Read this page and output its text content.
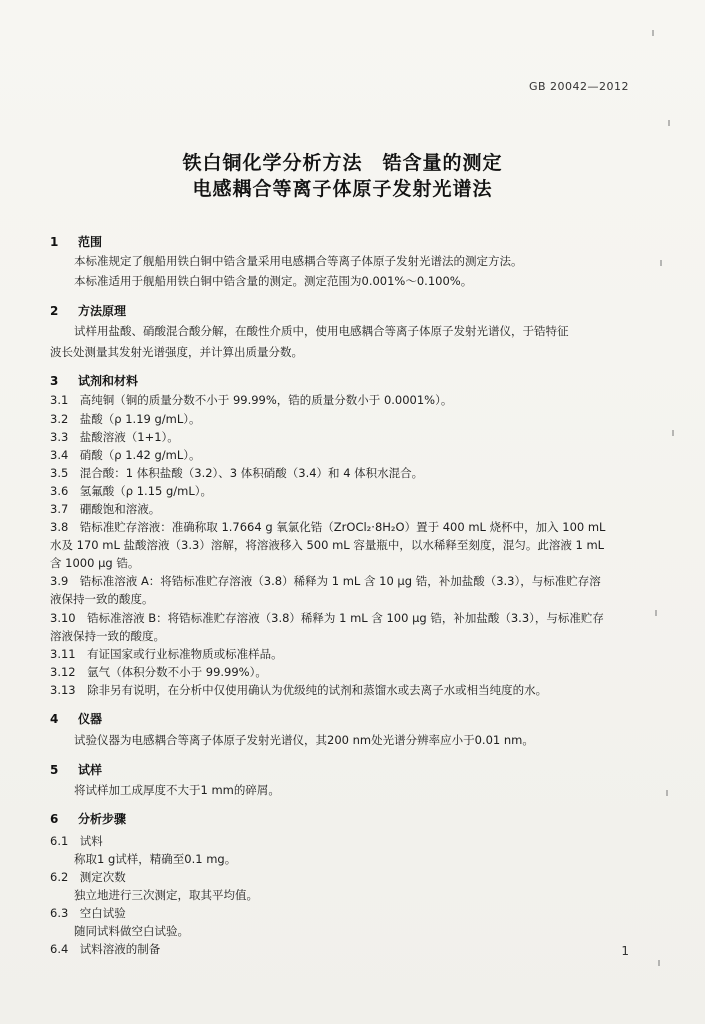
GB 20042—2012
铁白铜化学分析方法　锆含量的测定
电感耦合等离子体原子发射光谱法
1 范围
本标准规定了舰船用铁白铜中锆含量采用电感耦合等离子体原子发射光谱法的测定方法。
本标准适用于舰船用铁白铜中锆含量的测定。测定范围为0.001%～0.100%。
2 方法原理
试样用盐酸、硝酸混合酸分解，在酸性介质中，使用电感耦合等离子体原子发射光谱仪，于锆特征
波长处测量其发射光谱强度，并计算出质量分数。
3 试剂和材料
3.1　高纯铜（铜的质量分数不小于 99.99%，锆的质量分数小于 0.0001%）。
3.2　盐酸（ρ 1.19 g/mL）。
3.3　盐酸溶液（1+1）。
3.4　硝酸（ρ 1.42 g/mL）。
3.5　混合酸：1 体积盐酸（3.2）、3 体积硝酸（3.4）和 4 体积水混合。
3.6　氢氟酸（ρ 1.15 g/mL）。
3.7　硼酸饱和溶液。
3.8　锆标准贮存溶液：准确称取 1.7664 g 氧氯化锆（ZrOCl₂·8H₂O）置于 400 mL 烧杯中，加入 100 mL
水及 170 mL 盐酸溶液（3.3）溶解，将溶液移入 500 mL 容量瓶中，以水稀释至刻度，混匀。此溶液 1 mL
含 1000 μg 锆。
3.9　锆标准溶液 A：将锆标准贮存溶液（3.8）稀释为 1 mL 含 10 μg 锆，补加盐酸（3.3），与标准贮存溶
液保持一致的酸度。
3.10　锆标准溶液 B：将锆标准贮存溶液（3.8）稀释为 1 mL 含 100 μg 锆，补加盐酸（3.3），与标准贮存
溶液保持一致的酸度。
3.11　有证国家或行业标准物质或标准样品。
3.12　氩气（体积分数不小于 99.99%）。
3.13　除非另有说明，在分析中仅使用确认为优级纯的试剂和蒸馏水或去离子水或相当纯度的水。
4 仪器
试验仪器为电感耦合等离子体原子发射光谱仪，其200 nm处光谱分辨率应小于0.01 nm。
5 试样
将试样加工成厚度不大于1 mm的碎屑。
6 分析步骤
6.1　试料
称取1 g试样，精确至0.1 mg。
6.2　测定次数
独立地进行三次测定，取其平均值。
6.3　空白试验
随同试料做空白试验。
6.4　试料溶液的制备	1
